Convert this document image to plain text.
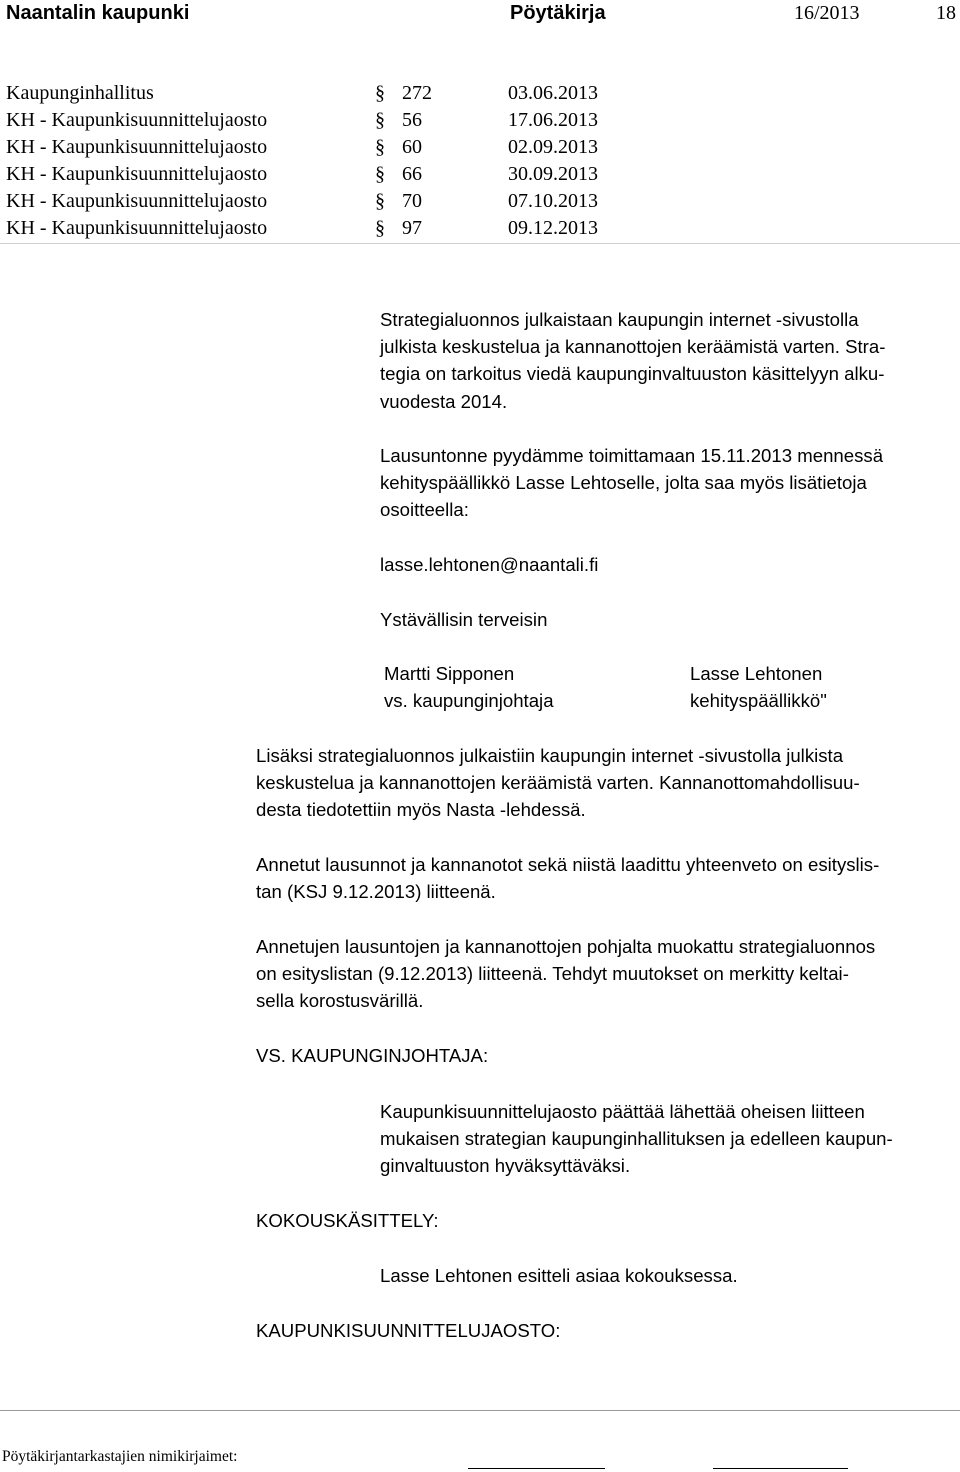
Naantalin kaupunki	Pöytäkirja	16/2013	18
Kaupunginhallitus	§ 272	03.06.2013
KH - Kaupunkisuunnittelujaosto	§ 56	17.06.2013
KH - Kaupunkisuunnittelujaosto	§ 60	02.09.2013
KH - Kaupunkisuunnittelujaosto	§ 66	30.09.2013
KH - Kaupunkisuunnittelujaosto	§ 70	07.10.2013
KH - Kaupunkisuunnittelujaosto	§ 97	09.12.2013
Strategialuonnos julkaistaan kaupungin internet -sivustolla
julkista keskustelua ja kannanottojen keräämistä varten. Stra-
tegia on tarkoitus viedä kaupunginvaltuuston käsittelyyn alku-
vuodesta 2014.
Lausuntonne pyydämme toimittamaan 15.11.2013 mennessä
kehityspäällikkö Lasse Lehtoselle, jolta saa myös lisätietoja
osoitteella:
lasse.lehtonen@naantali.fi
Ystävällisin terveisin
Martti Sipponen
vs. kaupunginjohtaja
Lasse Lehtonen
kehityspäällikkö"
Lisäksi strategialuonnos julkaistiin kaupungin internet -sivustolla julkista
keskustelua ja kannanottojen keräämistä varten. Kannanottomahdollisuu-
desta tiedotettiin myös Nasta -lehdessä.
Annetut lausunnot ja kannanotot sekä niistä laadittu yhteenveto on esityslis-
tan (KSJ 9.12.2013) liitteenä.
Annetujen lausuntojen ja kannanottojen pohjalta muokattu strategialuonnos
on esityslistan (9.12.2013) liitteenä. Tehdyt muutokset on merkitty keltai-
sella korostusvärillä.
VS. KAUPUNGINJOHTAJA:
Kaupunkisuunnittelujaosto päättää lähettää oheisen liitteen
mukaisen strategian kaupunginhallituksen ja edelleen kaupun-
ginvaltuuston hyväksyttäväksi.
KOKOUSKÄSITTELY:
Lasse Lehtonen esitteli asiaa kokouksessa.
KAUPUNKISUUNNITTELUJAOSTO:
Pöytäkirjantarkastajien nimikirjaimet:
